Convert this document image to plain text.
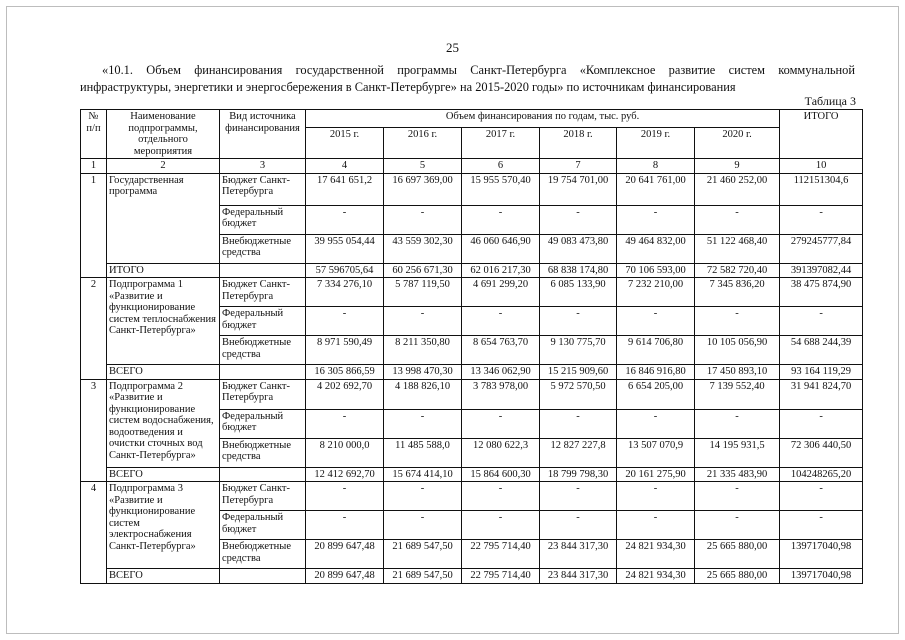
25
«10.1. Объем финансирования государственной программы Санкт-Петербурга «Комплексное развитие систем коммунальной инфраструктуры, энергетики и энергосбережения в Санкт-Петербурге» на 2015-2020 годы» по источникам финансирования
Таблица 3
№ п/п	Наименование подпрограммы, отдельного мероприятия	Вид источника финансирования	Объем финансирования по годам, тыс. руб.						ИТОГО
			2015 г.	2016 г.	2017 г.	2018 г.	2019 г.	2020 г.	
1	2	3	4	5	6	7	8	9	10
1	Государственная программа	Бюджет Санкт-Петербурга	17 641 651,2	16 697 369,00	15 955 570,40	19 754 701,00	20 641 761,00	21 460 252,00	112151304,6
		Федеральный бюджет	-	-	-	-	-	-	-
		Внебюджетные средства	39 955 054,44	43 559 302,30	46 060 646,90	49 083 473,80	49 464 832,00	51 122 468,40	279245777,84
	ИТОГО		57 596705,64	60 256 671,30	62 016 217,30	68 838 174,80	70 106 593,00	72 582 720,40	391397082,44
2	Подпрограмма 1 «Развитие и функционирование систем теплоснабжения Санкт-Петербурга»	Бюджет Санкт-Петербурга	7 334 276,10	5 787 119,50	4 691 299,20	6 085 133,90	7 232 210,00	7 345 836,20	38 475 874,90
		Федеральный бюджет	-	-	-	-	-	-	-
		Внебюджетные средства	8 971 590,49	8 211 350,80	8 654 763,70	9 130 775,70	9 614 706,80	10 105 056,90	54 688 244,39
	ВСЕГО		16 305 866,59	13 998 470,30	13 346 062,90	15 215 909,60	16 846 916,80	17 450 893,10	93 164 119,29
3	Подпрограмма 2 «Развитие и функционирование систем водоснабжения, водоотведения и очистки сточных вод Санкт-Петербурга»	Бюджет Санкт-Петербурга	4 202 692,70	4 188 826,10	3 783 978,00	5 972 570,50	6 654 205,00	7 139 552,40	31 941 824,70
		Федеральный бюджет	-	-	-	-	-	-	-
		Внебюджетные средства	8 210 000,0	11 485 588,0	12 080 622,3	12 827 227,8	13 507 070,9	14 195 931,5	72 306 440,50
	ВСЕГО		12 412 692,70	15 674 414,10	15 864 600,30	18 799 798,30	20 161 275,90	21 335 483,90	104248265,20
4	Подпрограмма 3 «Развитие и функционирование систем электроснабжения Санкт-Петербурга»	Бюджет Санкт-Петербурга	-	-	-	-	-	-	-
		Федеральный бюджет	-	-	-	-	-	-	-
		Внебюджетные средства	20 899 647,48	21 689 547,50	22 795 714,40	23 844 317,30	24 821 934,30	25 665 880,00	139717040,98
	ВСЕГО		20 899 647,48	21 689 547,50	22 795 714,40	23 844 317,30	24 821 934,30	25 665 880,00	139717040,98
